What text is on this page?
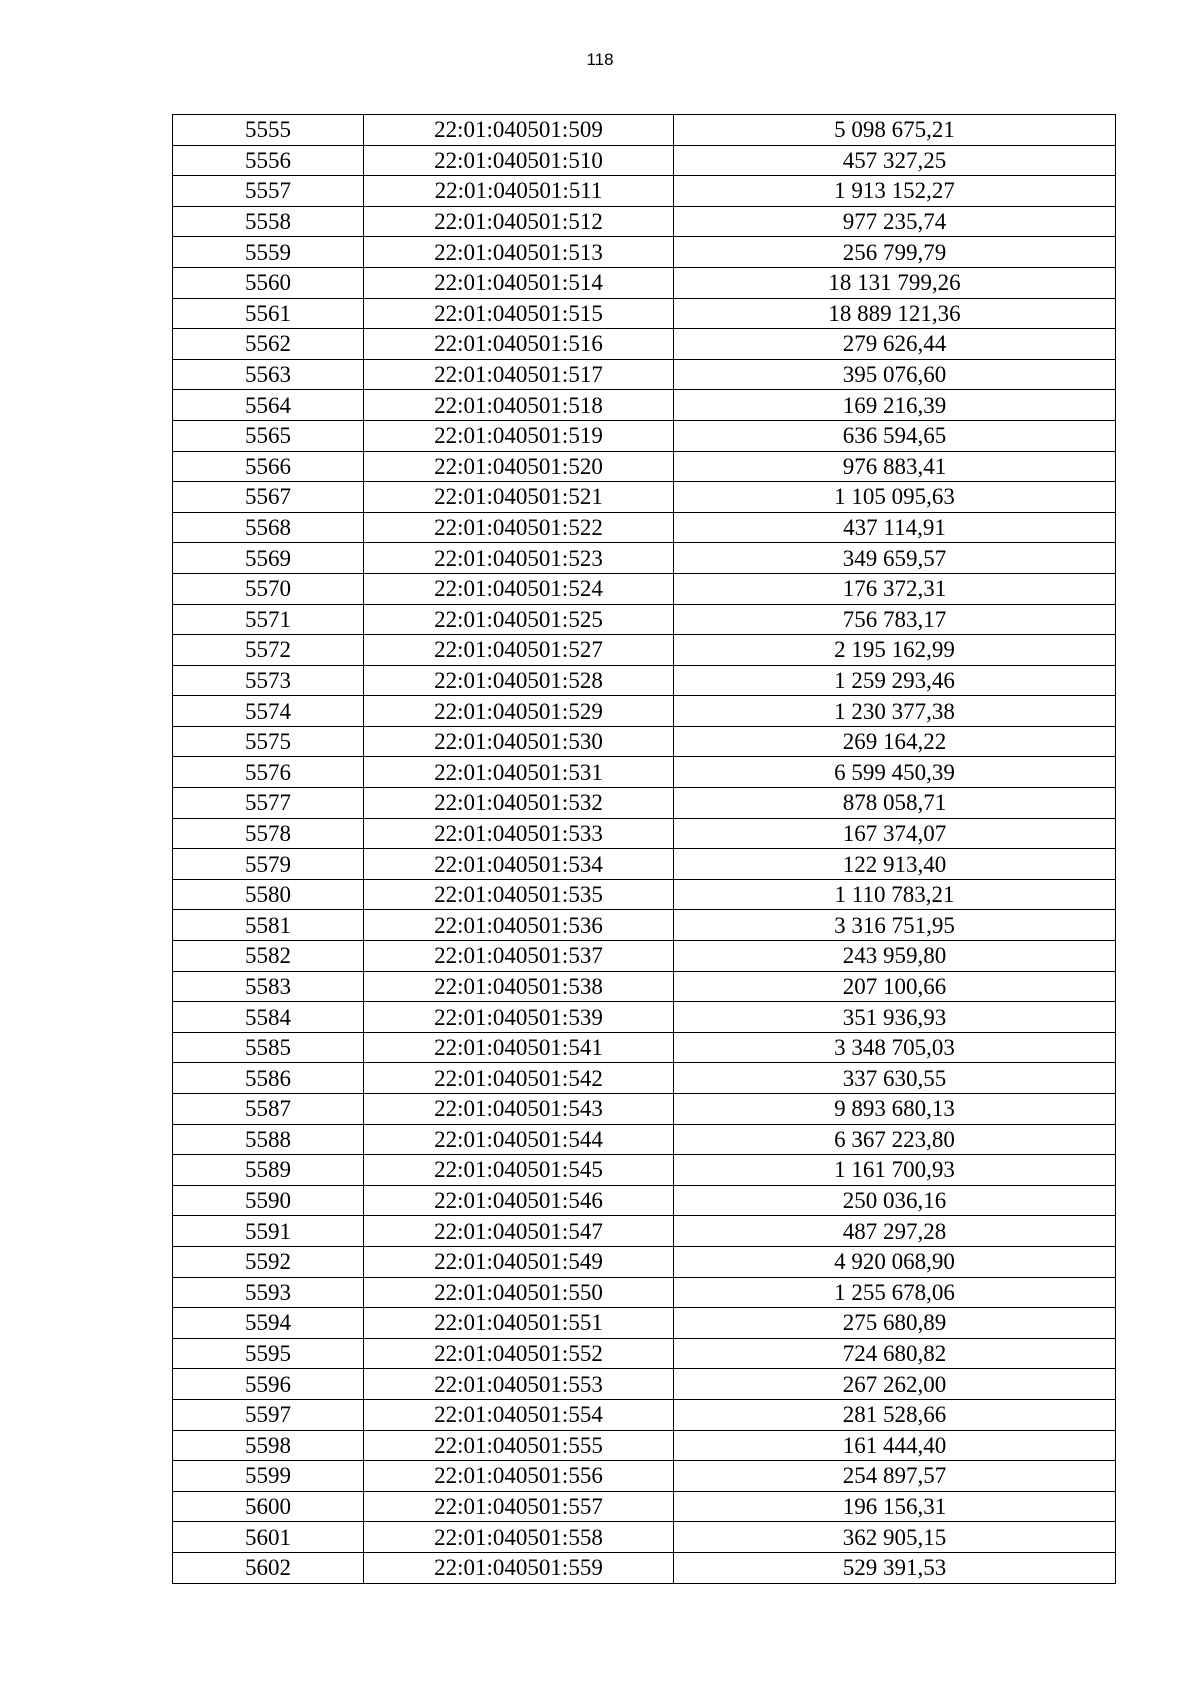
118
5555	22:01:040501:509	5 098 675,21
5556	22:01:040501:510	457 327,25
5557	22:01:040501:511	1 913 152,27
5558	22:01:040501:512	977 235,74
5559	22:01:040501:513	256 799,79
5560	22:01:040501:514	18 131 799,26
5561	22:01:040501:515	18 889 121,36
5562	22:01:040501:516	279 626,44
5563	22:01:040501:517	395 076,60
5564	22:01:040501:518	169 216,39
5565	22:01:040501:519	636 594,65
5566	22:01:040501:520	976 883,41
5567	22:01:040501:521	1 105 095,63
5568	22:01:040501:522	437 114,91
5569	22:01:040501:523	349 659,57
5570	22:01:040501:524	176 372,31
5571	22:01:040501:525	756 783,17
5572	22:01:040501:527	2 195 162,99
5573	22:01:040501:528	1 259 293,46
5574	22:01:040501:529	1 230 377,38
5575	22:01:040501:530	269 164,22
5576	22:01:040501:531	6 599 450,39
5577	22:01:040501:532	878 058,71
5578	22:01:040501:533	167 374,07
5579	22:01:040501:534	122 913,40
5580	22:01:040501:535	1 110 783,21
5581	22:01:040501:536	3 316 751,95
5582	22:01:040501:537	243 959,80
5583	22:01:040501:538	207 100,66
5584	22:01:040501:539	351 936,93
5585	22:01:040501:541	3 348 705,03
5586	22:01:040501:542	337 630,55
5587	22:01:040501:543	9 893 680,13
5588	22:01:040501:544	6 367 223,80
5589	22:01:040501:545	1 161 700,93
5590	22:01:040501:546	250 036,16
5591	22:01:040501:547	487 297,28
5592	22:01:040501:549	4 920 068,90
5593	22:01:040501:550	1 255 678,06
5594	22:01:040501:551	275 680,89
5595	22:01:040501:552	724 680,82
5596	22:01:040501:553	267 262,00
5597	22:01:040501:554	281 528,66
5598	22:01:040501:555	161 444,40
5599	22:01:040501:556	254 897,57
5600	22:01:040501:557	196 156,31
5601	22:01:040501:558	362 905,15
5602	22:01:040501:559	529 391,53
